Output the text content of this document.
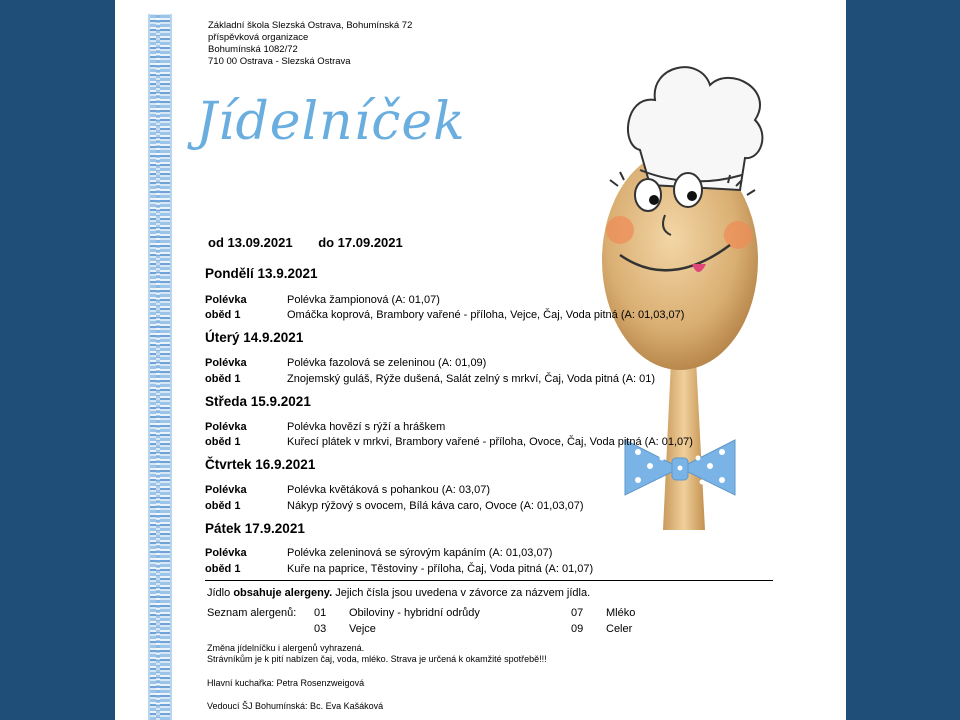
Základní škola Slezská Ostrava, Bohumínská 72
příspěvková organizace
Bohumínská 1082/72
710 00 Ostrava - Slezská Ostrava
Jídelníček
od 13.09.2021 do 17.09.2021
Pondělí 13.9.2021
Polévka	Polévka žampionová (A: 01,07)
oběd 1	Omáčka koprová, Brambory vařené - příloha, Vejce, Čaj, Voda pitná (A: 01,03,07)
Úterý 14.9.2021
Polévka	Polévka fazolová se zeleninou (A: 01,09)
oběd 1	Znojemský guláš, Rýže dušená, Salát zelný s mrkví, Čaj, Voda pitná (A: 01)
Středa 15.9.2021
Polévka	Polévka hovězí s rýží a hráškem
oběd 1	Kuřecí plátek v mrkvi, Brambory vařené - příloha, Ovoce, Čaj, Voda pitná (A: 01,07)
Čtvrtek 16.9.2021
Polévka	Polévka květáková s pohankou (A: 03,07)
oběd 1	Nákyp rýžový s ovocem, Bílá káva caro, Ovoce (A: 01,03,07)
Pátek 17.9.2021
Polévka	Polévka zeleninová se sýrovým kapáním (A: 01,03,07)
oběd 1	Kuře na paprice, Těstoviny - příloha, Čaj, Voda pitná (A: 01,07)
Jídlo obsahuje alergeny. Jejich čísla jsou uvedena v závorce za názvem jídla.
Seznam alergenů: 01 Obiloviny - hybridní odrůdy	07 Mléko
03 Vejce	09 Celer
Změna jídelníčku i alergenů vyhrazená.
Strávníkům je k pití nabízen čaj, voda, mléko. Strava je určená k okamžité spotřebě!!!
Hlavní kuchařka: Petra Rosenzweigová
Vedoucí ŠJ Bohumínská: Bc. Eva Kašáková
